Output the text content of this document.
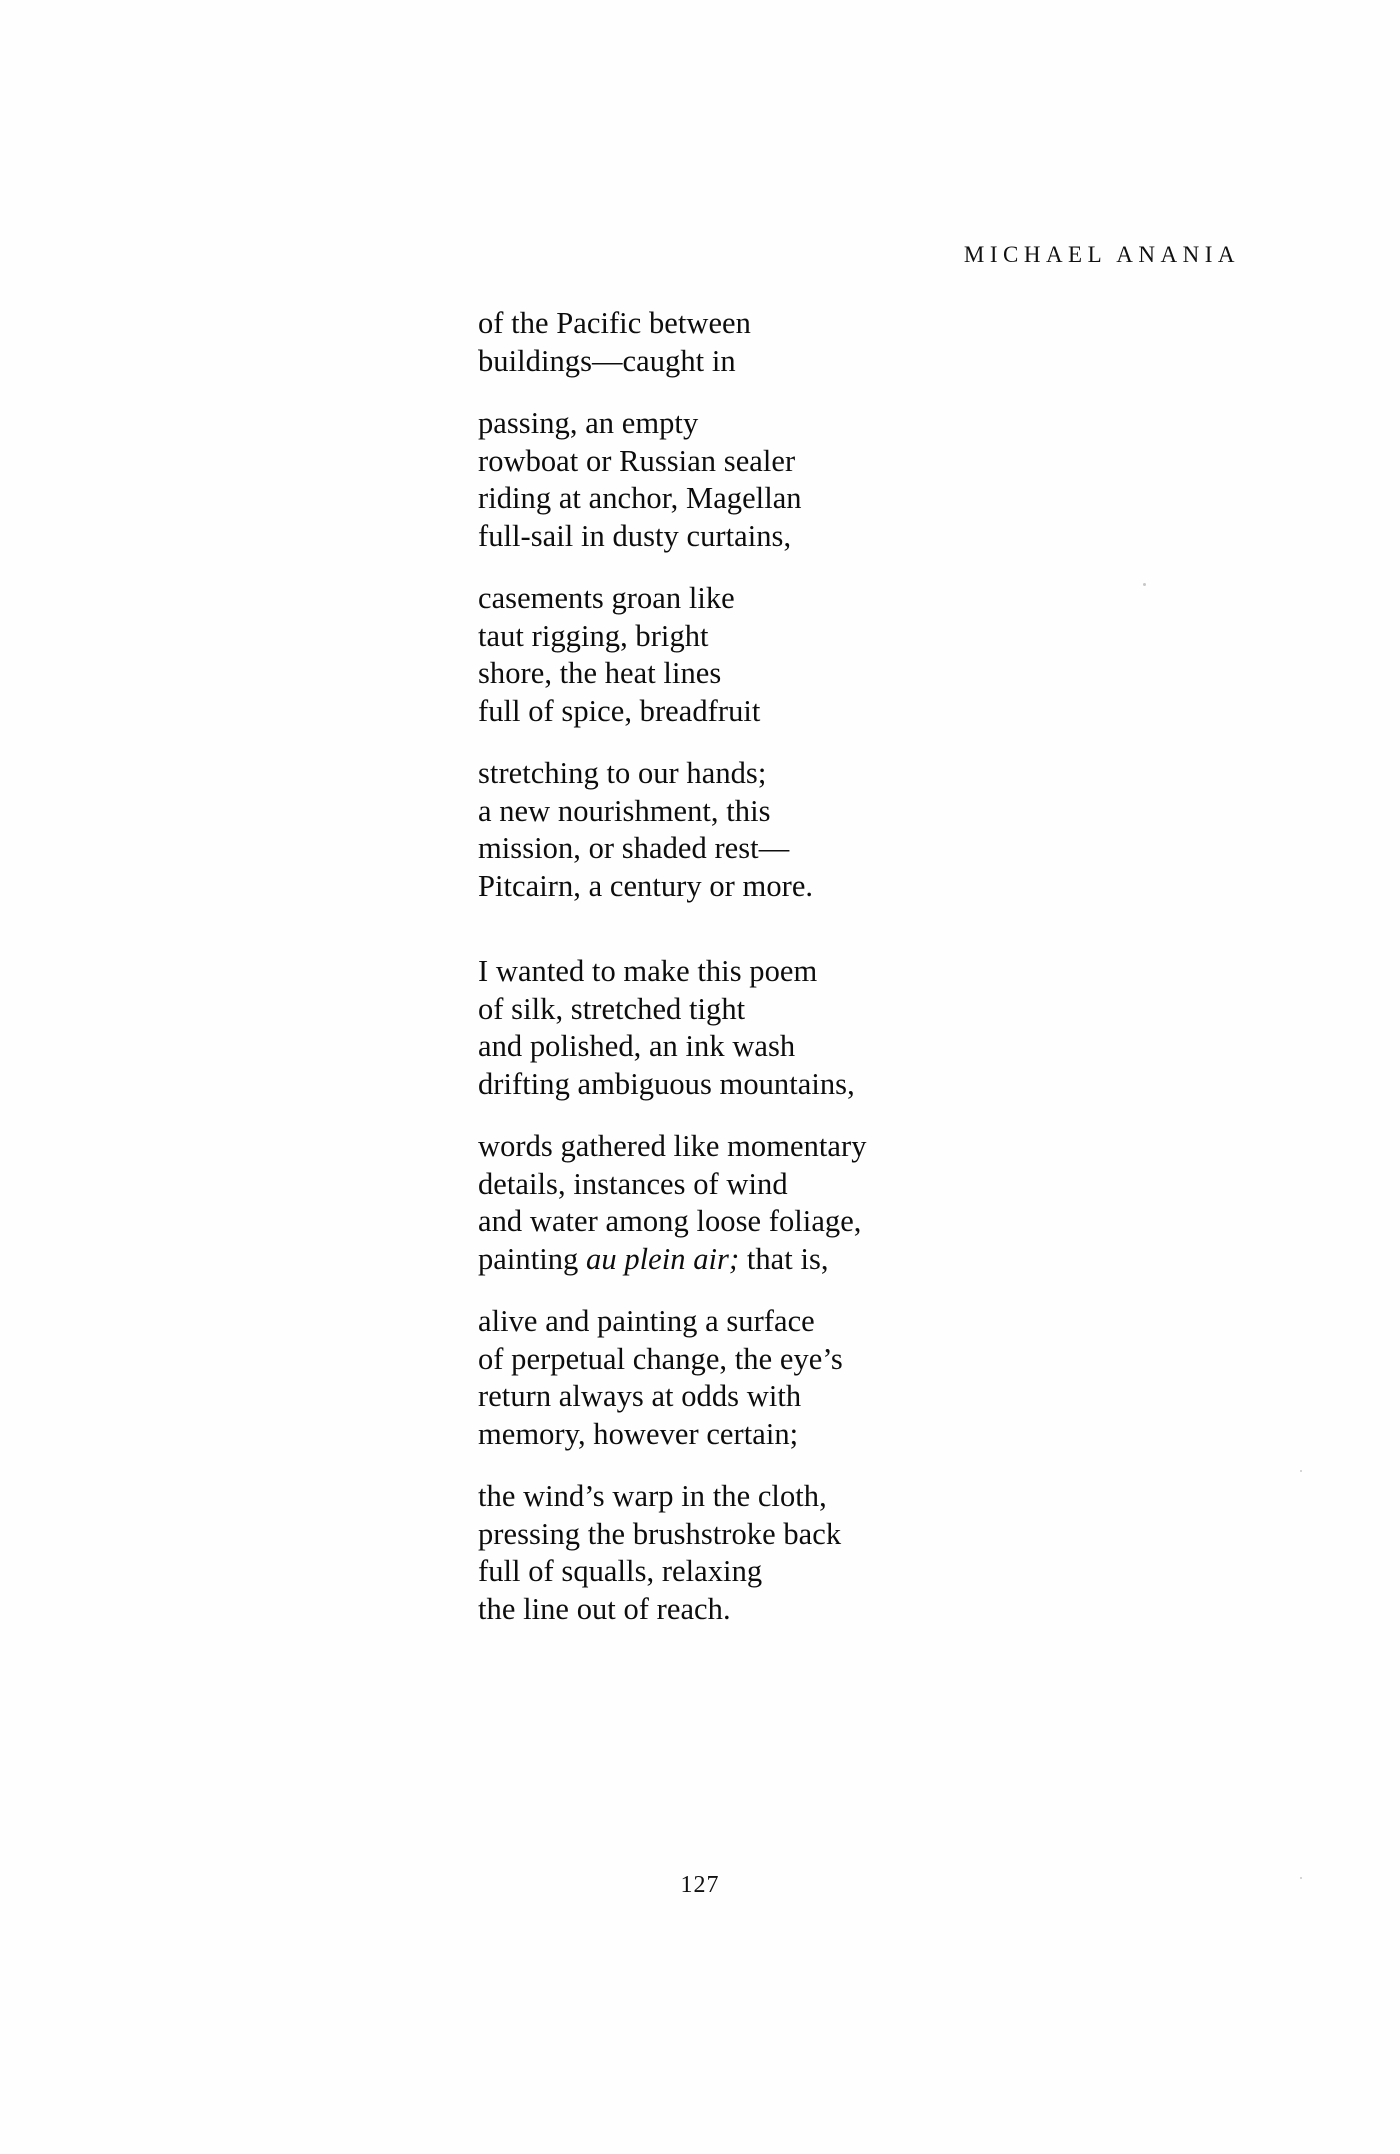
MICHAEL ANANIA
of the Pacific between
buildings—caught in
passing, an empty
rowboat or Russian sealer
riding at anchor, Magellan
full-sail in dusty curtains,
casements groan like
taut rigging, bright
shore, the heat lines
full of spice, breadfruit
stretching to our hands;
a new nourishment, this
mission, or shaded rest—
Pitcairn, a century or more.
I wanted to make this poem
of silk, stretched tight
and polished, an ink wash
drifting ambiguous mountains,
words gathered like momentary
details, instances of wind
and water among loose foliage,
painting au plein air; that is,
alive and painting a surface
of perpetual change, the eye’s
return always at odds with
memory, however certain;
the wind’s warp in the cloth,
pressing the brushstroke back
full of squalls, relaxing
the line out of reach.
127
